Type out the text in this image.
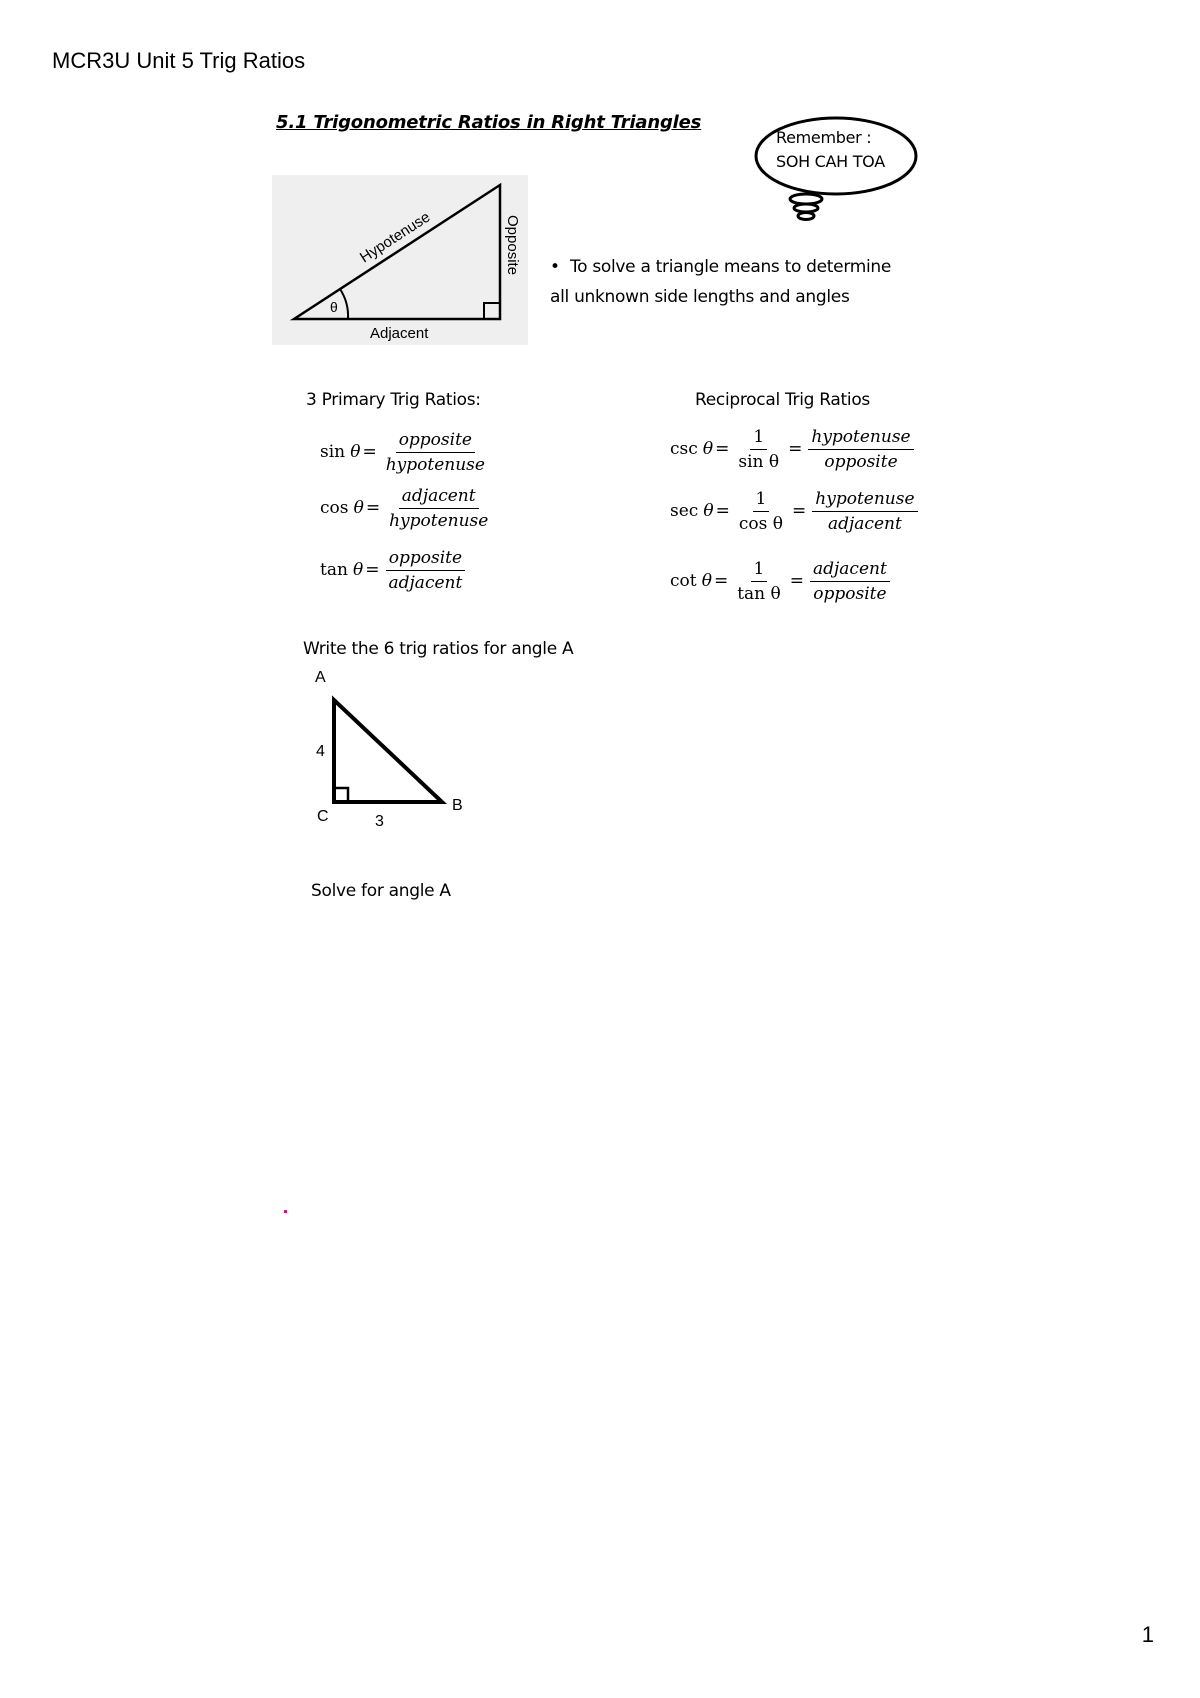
MCR3U Unit 5 Trig Ratios
5.1 Trigonometric Ratios in Right Triangles
Remember :
SOH CAH TOA
θ
Hypotenuse	Opposite
Adjacent
•  To solve a triangle means to determine
all unknown side lengths and angles
3 Primary Trig Ratios:
sin
$\theta = \frac{\text{opposite}}{\text{hypotenuse}}$
cos
$\theta = \frac{\text{adjacent}}{\text{hypotenuse}}$
tan
$\theta = \frac{\text{opposite}}{\text{adjacent}}$
Reciprocal Trig Ratios
csc
$\theta = \frac{1}{\text{sin θ}} = \frac{\text{hypotenuse}}{\text{opposite}}$
sec
$\theta = \frac{1}{\text{cos θ}} = \frac{\text{hypotenuse}}{\text{adjacent}}$
cot
$\theta = \frac{1}{\text{tan θ}} = \frac{\text{adjacent}}{\text{opposite}}$
Write the 6 trig ratios for angle A
A
4
C	3
B
Solve for angle A
1
